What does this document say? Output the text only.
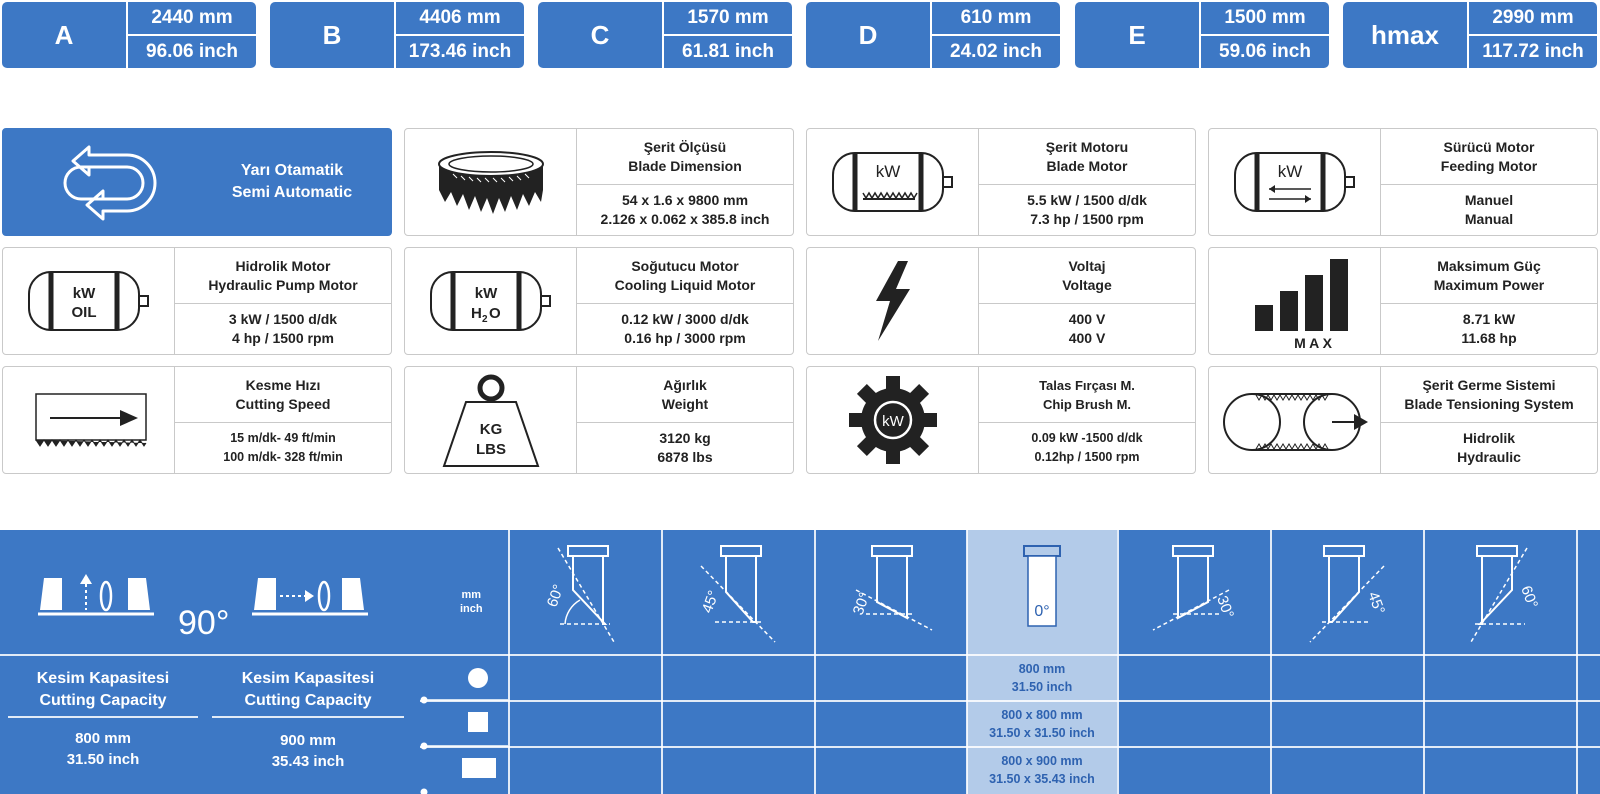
A
2440 mm
96.06 inch
B
4406 mm
173.46 inch
C
1570 mm
61.81 inch
D
610 mm
24.02 inch
E
1500 mm
59.06 inch
hmax
2990 mm
117.72 inch
Yarı Otamatik
Semi Automatic
Şerit Ölçüsü
Blade Dimension
54 x 1.6 x 9800 mm
2.126 x 0.062 x 385.8 inch
kW
Şerit Motoru
Blade Motor
5.5 kW / 1500 d/dk
7.3 hp / 1500 rpm
kW
Sürücü Motor
Feeding Motor
Manuel
Manual
kW
OIL
Hidrolik Motor
Hydraulic Pump Motor
3 kW / 1500 d/dk
4 hp / 1500 rpm
kW
H 2 O
Soğutucu Motor
Cooling Liquid Motor
0.12 kW / 3000 d/dk
0.16 hp / 3000 rpm
Voltaj
Voltage
400 V
400 V	M A X
Maksimum Güç
Maximum Power
8.71 kW
11.68 hp
Kesme Hızı
Cutting Speed
15 m/dk- 49 ft/min
100 m/dk- 328 ft/min
KG
LBS
Ağırlık
Weight
3120 kg
6878 lbs
kW
Talas Fırçası M.
Chip Brush M.
0.09 kW -1500 d/dk
0.12hp / 1500 rpm
Şerit Germe Sistemi
Blade Tensioning System
Hidrolik
Hydraulic
90°
mm
inch
Kesim Kapasitesi
Cutting Capacity
800 mm
31.50 inch
Kesim Kapasitesi
Cutting Capacity
900 mm
35.43 inch
60°	45°	30°	0°	30°	45°	60°
800 mm
31.50 inch
800 x 800 mm
31.50 x 31.50 inch
800 x 900 mm
31.50 x 35.43 inch
